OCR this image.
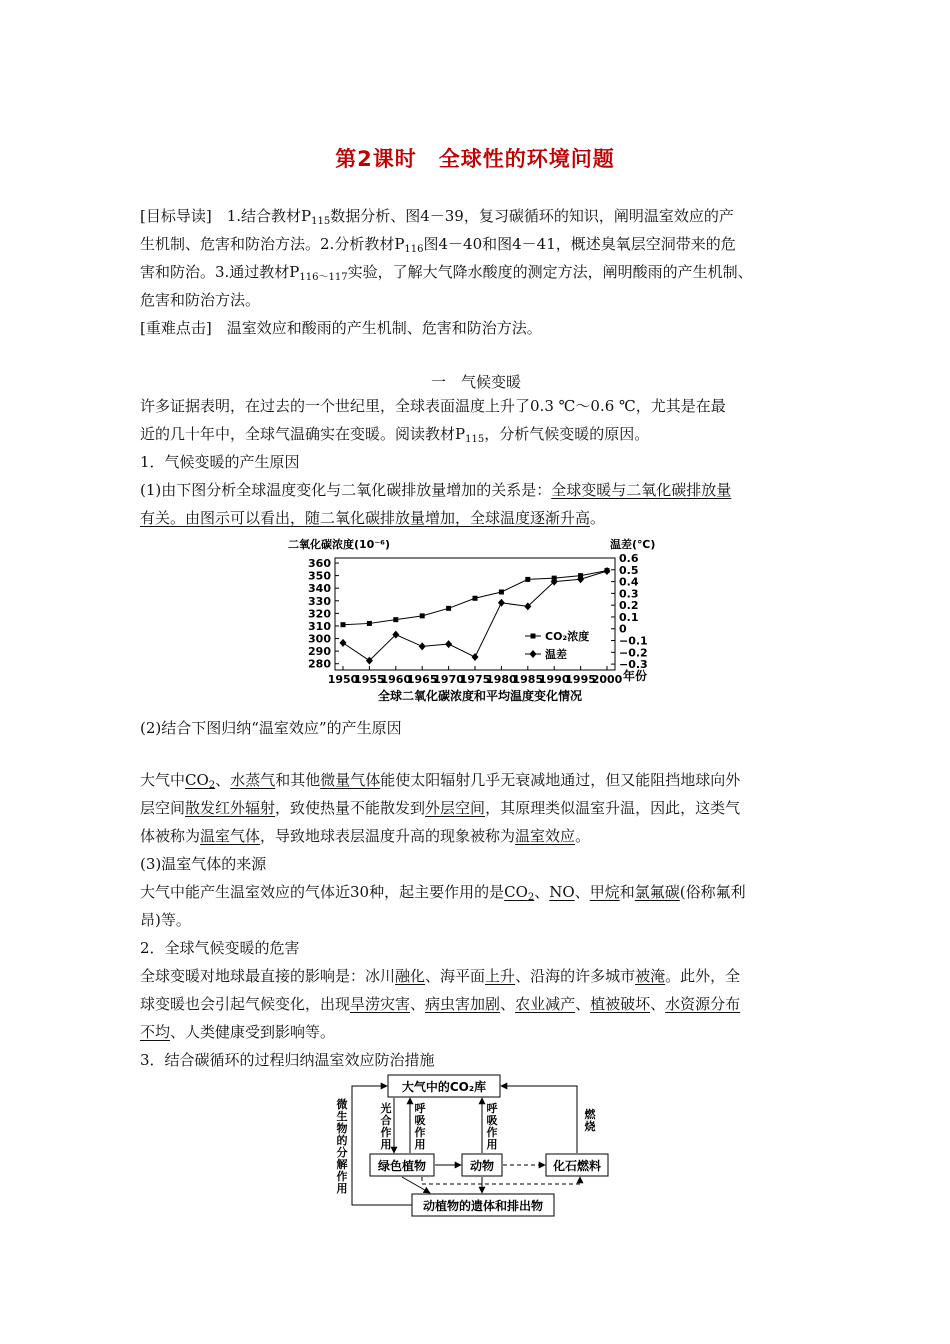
第2课时　全球性的环境问题
[目标导读]　1.结合教材$P_{115}$数据分析、图4－39，复习碳循环的知识，阐明温室效应的产
生机制、危害和防治方法。2.分析教材$P_{116}$图4－40和图4－41，概述臭氧层空洞带来的危
害和防治。3.通过教材$P_{116\sim 117}$实验，了解大气降水酸度的测定方法，阐明酸雨的产生机制、
危害和防治方法。
[重难点击]　温室效应和酸雨的产生机制、危害和防治方法。
一　气候变暖
许多证据表明，在过去的一个世纪里，全球表面温度上升了0.3 ℃～0.6 ℃，尤其是在最
近的几十年中，全球气温确实在变暖。阅读教材$P_{115}$，分析气候变暖的原因。
1．气候变暖的产生原因
(1)由下图分析全球温度变化与二氧化碳排放量增加的关系是：全球变暖与二氧化碳排放量
有关。由图示可以看出，随二氧化碳排放量增加，全球温度逐渐升高。
二氧化碳浓度(10⁻⁶)	温差(℃)
280
290
300
310
320
330
340
350
360	0.6
0.5
0.4
0.3
0.2
0.1
0
−0.1
−0.2
−0.3
1950
1955
1960
1965
1970
1975
1980
1985
1990
1995
2000
CO₂浓度
温差
年份
全球二氧化碳浓度和平均温度变化情况
(2)结合下图归纳“温室效应”的产生原因
大气中$CO_2$、水蒸气和其他微量气体能使太阳辐射几乎无衰减地通过，但又能阻挡地球向外
层空间散发红外辐射，致使热量不能散发到外层空间，其原理类似温室升温，因此，这类气
体被称为温室气体，导致地球表层温度升高的现象被称为温室效应。
(3)温室气体的来源
大气中能产生温室效应的气体近30种，起主要作用的是$CO_2$、NO、甲烷和氯氟碳(俗称氟利
昂)等。
2．全球气候变暖的危害
全球变暖对地球最直接的影响是：冰川融化、海平面上升、沿海的许多城市被淹。此外，全
球变暖也会引起气候变化，出现旱涝灾害、病虫害加剧、农业减产、植被破坏、水资源分布
不均、人类健康受到影响等。
3．结合碳循环的过程归纳温室效应防治措施
大气中的CO₂库
绿色植物	动物	化石燃料
动植物的遗体和排出物
微生物的分解作用
光合作用
呼吸作用
呼吸作用
燃烧
